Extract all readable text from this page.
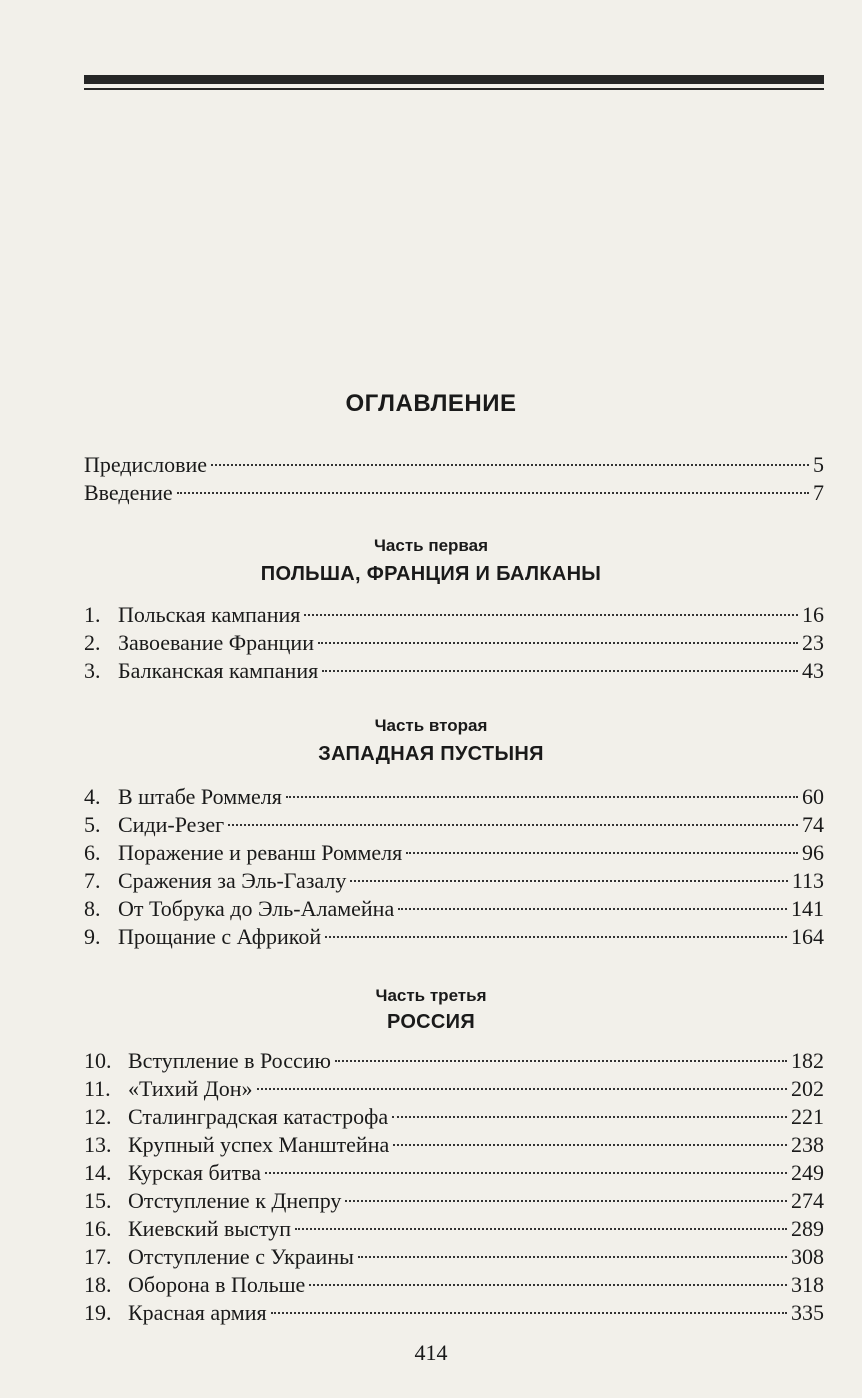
ОГЛАВЛЕНИЕ
Предисловие	5
Введение	7
Часть первая
ПОЛЬША, ФРАНЦИЯ И БАЛКАНЫ
1. Польская кампания	16
2. Завоевание Франции	23
3. Балканская кампания	43
Часть вторая
ЗАПАДНАЯ ПУСТЫНЯ
4. В штабе Роммеля	60
5. Сиди-Резег	74
6. Поражение и реванш Роммеля	96
7. Сражения за Эль-Газалу	113
8. От Тобрука до Эль-Аламейна	141
9. Прощание с Африкой	164
Часть третья
РОССИЯ
10. Вступление в Россию	182
11. «Тихий Дон»	202
12. Сталинградская катастрофа	221
13. Крупный успех Манштейна	238
14. Курская битва	249
15. Отступление к Днепру	274
16. Киевский выступ	289
17. Отступление с Украины	308
18. Оборона в Польше	318
19. Красная армия	335
414
